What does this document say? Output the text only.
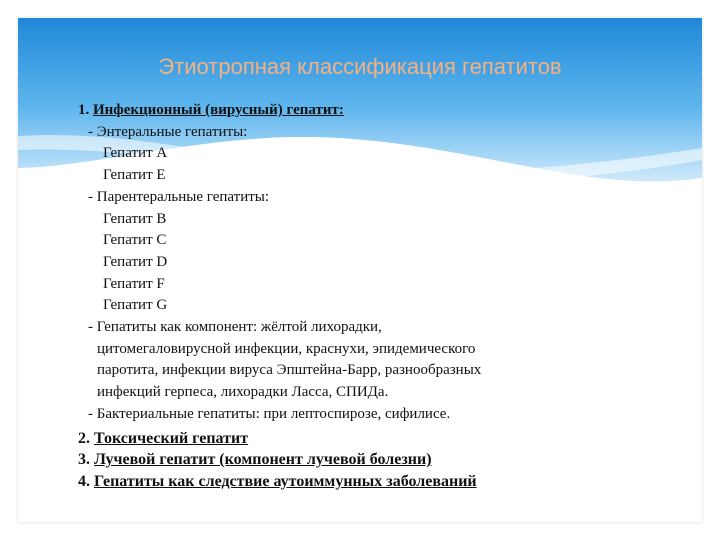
Этиотропная классификация гепатитов
1. Инфекционный (вирусный) гепатит:
- Энтеральные гепатиты:
Гепатит А
Гепатит Е
- Парентеральные гепатиты:
Гепатит В
Гепатит С
Гепатит D
Гепатит F
Гепатит G
- Гепатиты как компонент: жёлтой лихорадки,
цитомегаловирусной инфекции, краснухи, эпидемического
паротита, инфекции вируса Эпштейна-Барр, разнообразных
инфекций герпеса, лихорадки Ласса, СПИДа.
- Бактериальные гепатиты: при лептоспирозе, сифилисе.
2. Токсический гепатит
3. Лучевой гепатит (компонент лучевой болезни)
4. Гепатиты как следствие аутоиммунных заболеваний
